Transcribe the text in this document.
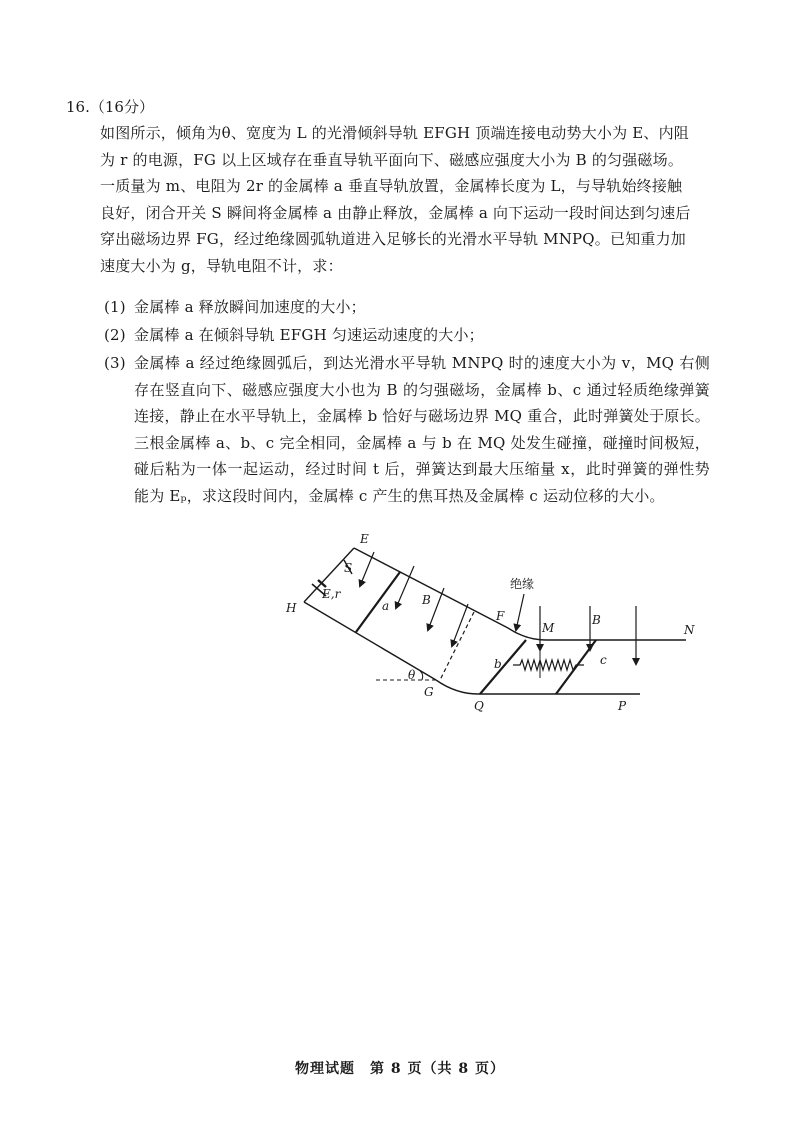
16.（16分）

如图所示，倾角为θ、宽度为 L 的光滑倾斜导轨 EFGH 顶端连接电动势大小为 E、内阻

为 r 的电源，FG 以上区域存在垂直导轨平面向下、磁感应强度大小为 B 的匀强磁场。

一质量为 m、电阻为 2r 的金属棒 a 垂直导轨放置，金属棒长度为 L，与导轨始终接触

良好，闭合开关 S 瞬间将金属棒 a 由静止释放，金属棒 a 向下运动一段时间达到匀速后

穿出磁场边界 FG，经过绝缘圆弧轨道进入足够长的光滑水平导轨 MNPQ。已知重力加

速度大小为 g，导轨电阻不计，求：

(1) 金属棒 a 释放瞬间加速度的大小；
(2) 金属棒 a 在倾斜导轨 EFGH 匀速运动速度的大小；
(3) 金属棒 a 经过绝缘圆弧后，到达光滑水平导轨 MNPQ 时的速度大小为 v，MQ 右侧存在竖直向下、磁感应强度大小也为 B 的匀强磁场，金属棒 b、c 通过轻质绝缘弹簧连接，静止在水平导轨上，金属棒 b 恰好与磁场边界 MQ 重合，此时弹簧处于原长。三根金属棒 a、b、c 完全相同，金属棒 a 与 b 在 MQ 处发生碰撞，碰撞时间极短，碰后粘为一体一起运动，经过时间 t 后，弹簧达到最大压缩量 x，此时弹簧的弹性势能为 Eₚ，求这段时间内，金属棒 c 产生的焦耳热及金属棒 c 运动位移的大小。
E
S
E,r
H	a	B
绝缘
F
M
B
N
b	c
θ
G
Q	P
物理试题　第 8 页（共 8 页）
